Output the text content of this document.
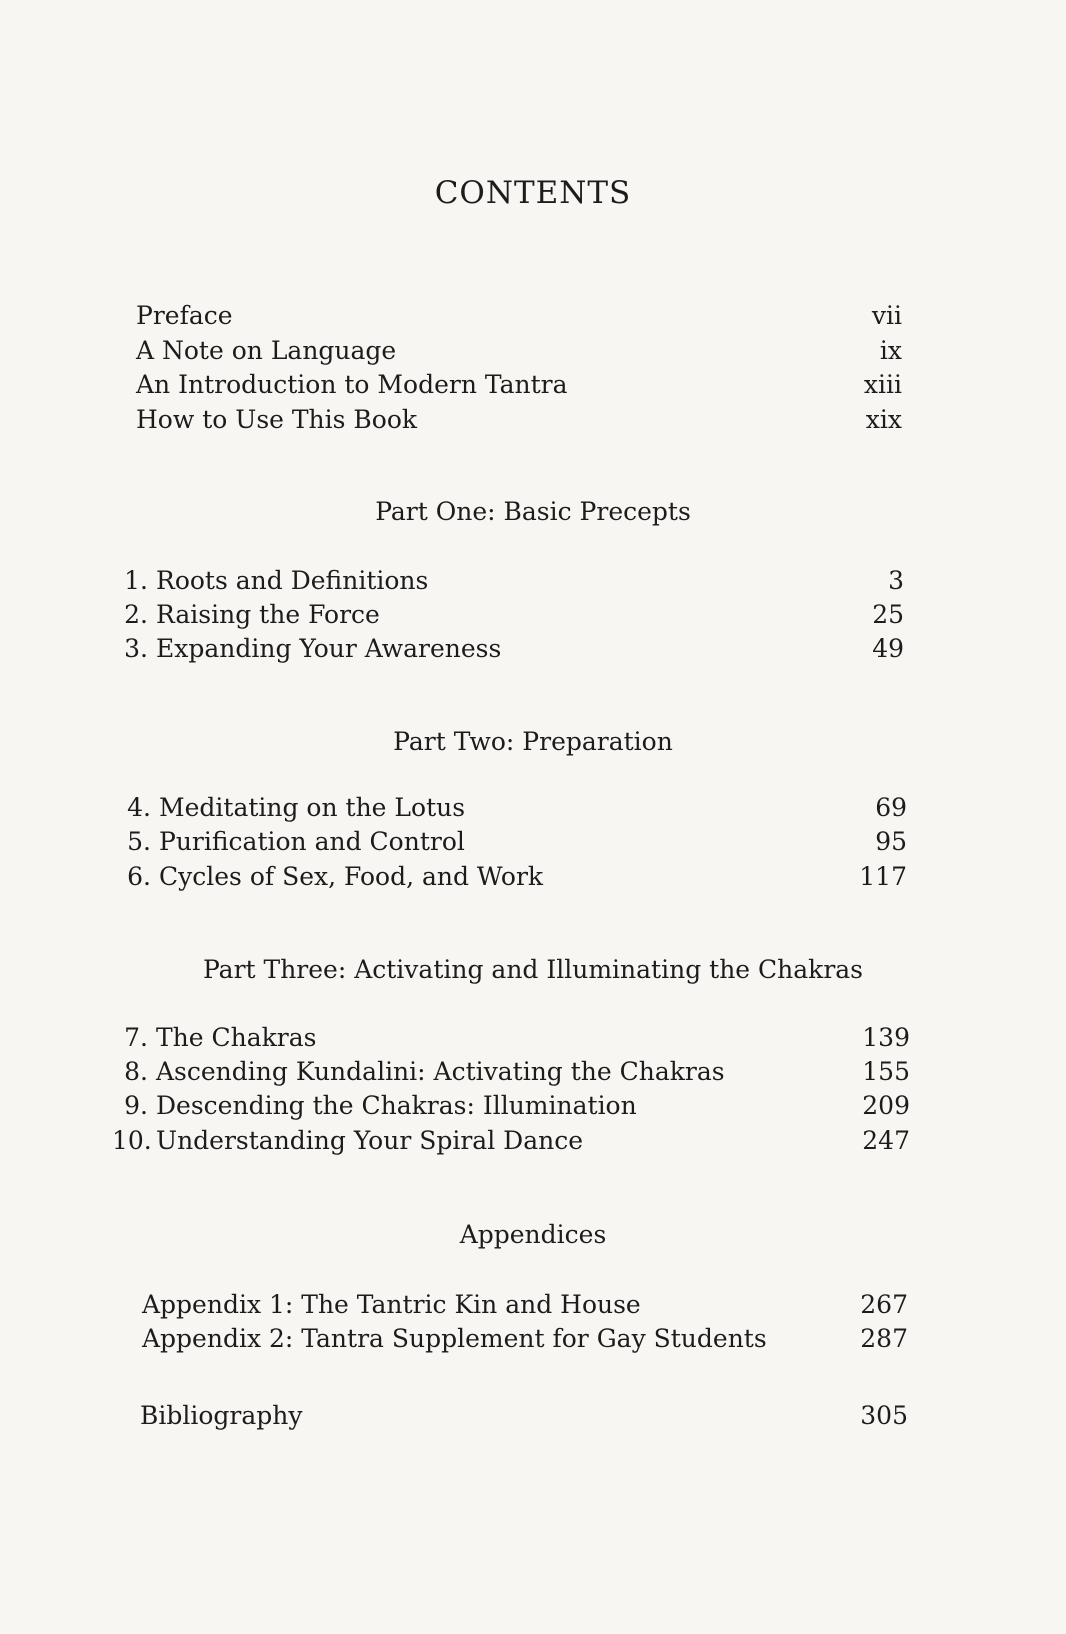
CONTENTS
Preface	vii
A Note on Language	ix
An Introduction to Modern Tantra	xiii
How to Use This Book	xix
Part One: Basic Precepts
1. Roots and Definitions	3
2. Raising the Force	25
3. Expanding Your Awareness	49
Part Two: Preparation
4. Meditating on the Lotus	69
5. Purification and Control	95
6. Cycles of Sex, Food, and Work	117
Part Three: Activating and Illuminating the Chakras
7. The Chakras	139
8. Ascending Kundalini: Activating the Chakras	155
9. Descending the Chakras: Illumination	209
10. Understanding Your Spiral Dance	247
Appendices
Appendix 1: The Tantric Kin and House	267
Appendix 2: Tantra Supplement for Gay Students	287
Bibliography	305
